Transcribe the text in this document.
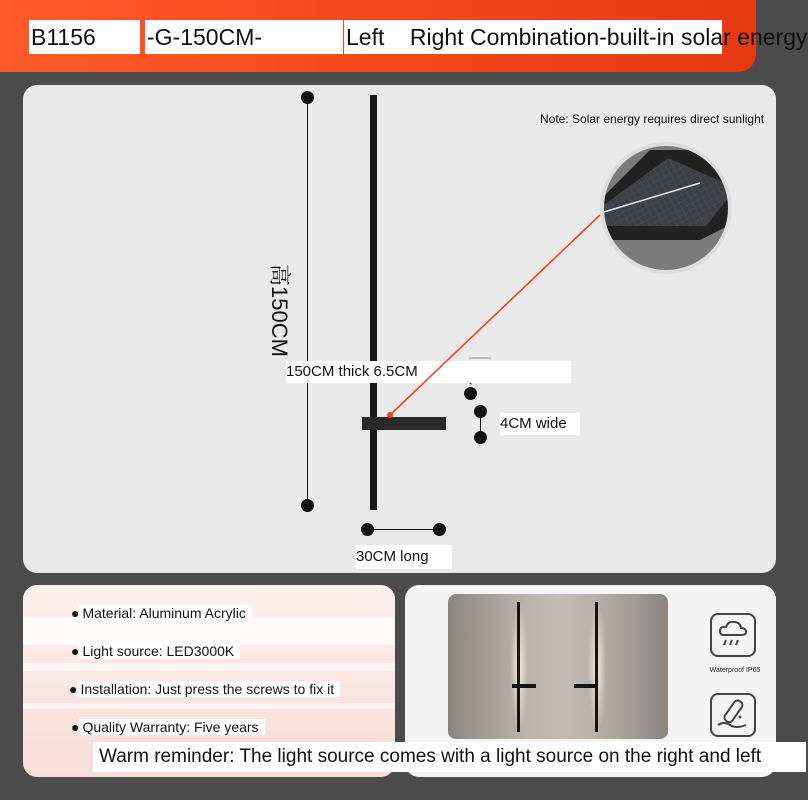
B1156	-G-150CM-	Left    Right Combination-built-in solar energy
高150CM
4CM wide
150CM thick 6.5CM
30CM long
Note: Solar energy requires direct sunlight
● Material: Aluminum Acrylic
● Light source: LED3000K
● Installation: Just press the screws to fix it
● Quality Warranty: Five years
Waterproof IP65
Warm reminder: The light source comes with a light source on the right and left
